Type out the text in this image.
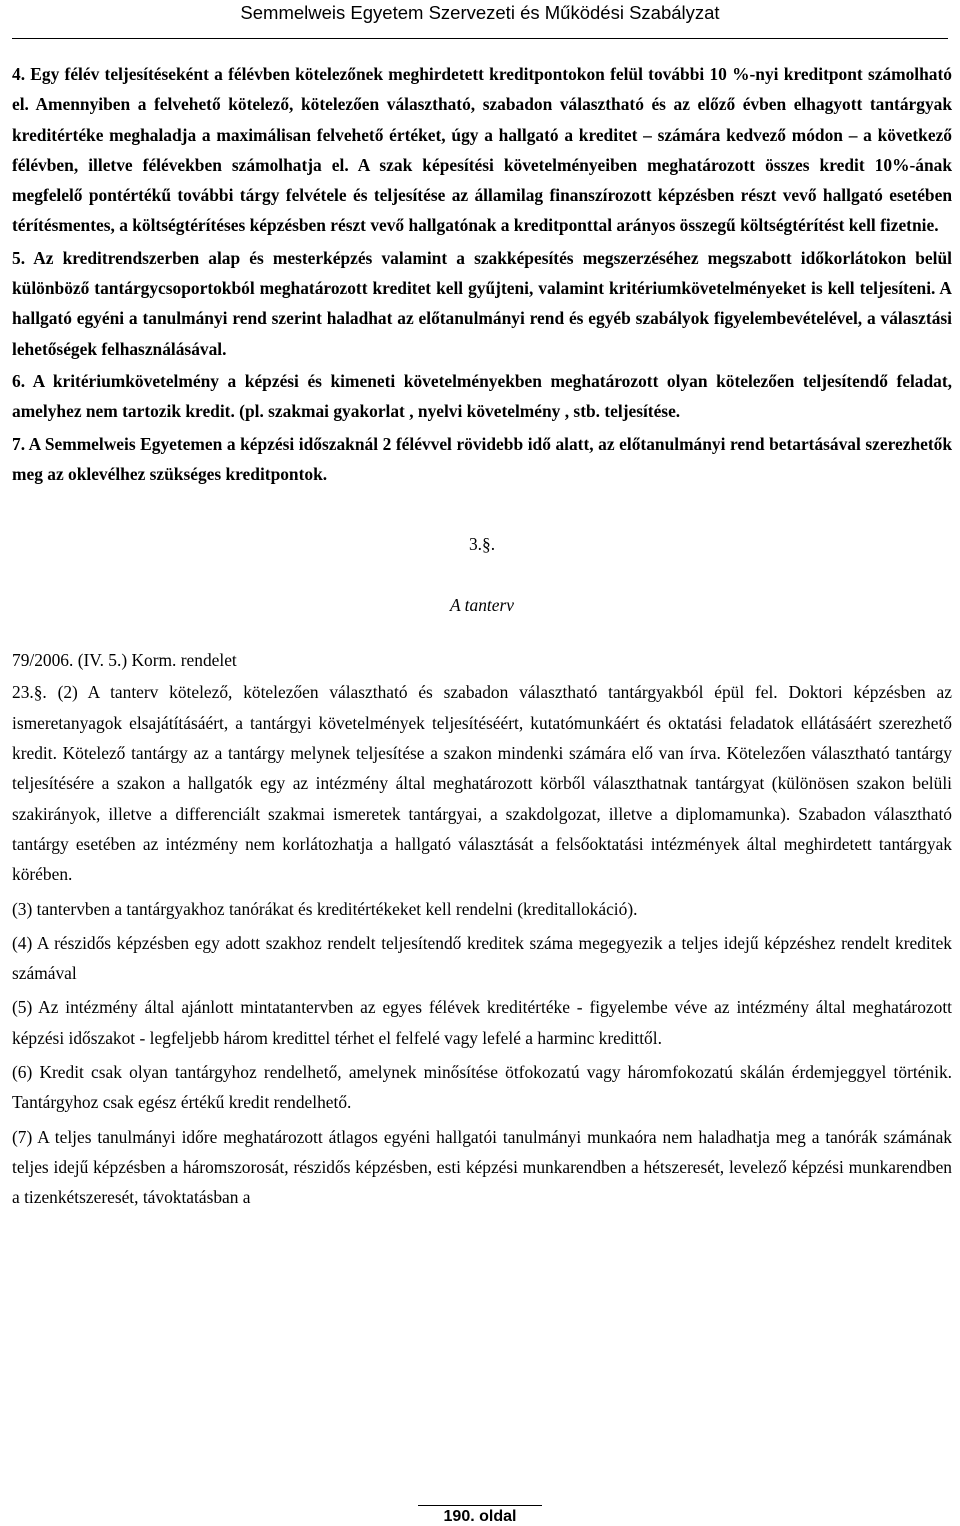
Semmelweis Egyetem Szervezeti és Működési Szabályzat

4. Egy félév teljesítéseként a félévben kötelezőnek meghirdetett kreditpontokon felül további 10 %-nyi kreditpont számolható el. Amennyiben a felvehető kötelező, kötelezően választható, szabadon választható és az előző évben elhagyott tantárgyak kreditértéke meghaladja a maximálisan felvehető értéket, úgy a hallgató a kreditet – számára kedvező módon – a következő félévben, illetve félévekben számolhatja el. A szak képesítési követelményeiben meghatározott összes kredit 10%-ának megfelelő pontértékű további tárgy felvétele és teljesítése az államilag finanszírozott képzésben részt vevő hallgató esetében térítésmentes, a költségtérítéses képzésben részt vevő hallgatónak a kreditponttal arányos összegű költségtérítést kell fizetnie.

5. Az kreditrendszerben alap és mesterképzés valamint a szakképesítés megszerzéséhez megszabott időkorlátokon belül különböző tantárgycsoportokból meghatározott kreditet kell gyűjteni, valamint kritériumkövetelményeket is kell teljesíteni. A hallgató egyéni a tanulmányi rend szerint haladhat az előtanulmányi rend és egyéb szabályok figyelembevételével, a választási lehetőségek felhasználásával.

6. A kritériumkövetelmény a képzési és kimeneti követelményekben meghatározott olyan kötelezően teljesítendő feladat, amelyhez nem tartozik kredit. (pl. szakmai gyakorlat , nyelvi követelmény , stb. teljesítése.

7. A Semmelweis Egyetemen a képzési időszaknál 2 félévvel rövidebb idő alatt, az előtanulmányi rend betartásával szerezhetők meg az oklevélhez szükséges kreditpontok.

3.§.

A tanterv

79/2006. (IV. 5.) Korm. rendelet

23.§. (2) A tanterv kötelező, kötelezően választható és szabadon választható tantárgyakból épül fel. Doktori képzésben az ismeretanyagok elsajátításáért, a tantárgyi követelmények teljesítéséért, kutatómunkáért és oktatási feladatok ellátásáért szerezhető kredit. Kötelező tantárgy az a tantárgy melynek teljesítése a szakon mindenki számára elő van írva. Kötelezően választható tantárgy teljesítésére a szakon a hallgatók egy az intézmény által meghatározott körből választhatnak tantárgyat (különösen szakon belüli szakirányok, illetve a differenciált szakmai ismeretek tantárgyai, a szakdolgozat, illetve a diplomamunka). Szabadon választható tantárgy esetében az intézmény nem korlátozhatja a hallgató választását a felsőoktatási intézmények által meghirdetett tantárgyak körében.

(3) tantervben a tantárgyakhoz tanórákat és kreditértékeket kell rendelni (kreditallokáció).

(4) A részidős képzésben egy adott szakhoz rendelt teljesítendő kreditek száma megegyezik a teljes idejű képzéshez rendelt kreditek számával

(5) Az intézmény által ajánlott mintatantervben az egyes félévek kreditértéke - figyelembe véve az intézmény által meghatározott képzési időszakot - legfeljebb három kredittel térhet el felfelé vagy lefelé a harminc kredittől.

(6) Kredit csak olyan tantárgyhoz rendelhető, amelynek minősítése ötfokozatú vagy háromfokozatú skálán érdemjeggyel történik. Tantárgyhoz csak egész értékű kredit rendelhető.

(7) A teljes tanulmányi időre meghatározott átlagos egyéni hallgatói tanulmányi munkaóra nem haladhatja meg a tanórák számának teljes idejű képzésben a háromszorosát, részidős képzésben, esti képzési munkarendben a hétszeresét, levelező képzési munkarendben a tizenkétszeresét, távoktatásban a

190. oldal
